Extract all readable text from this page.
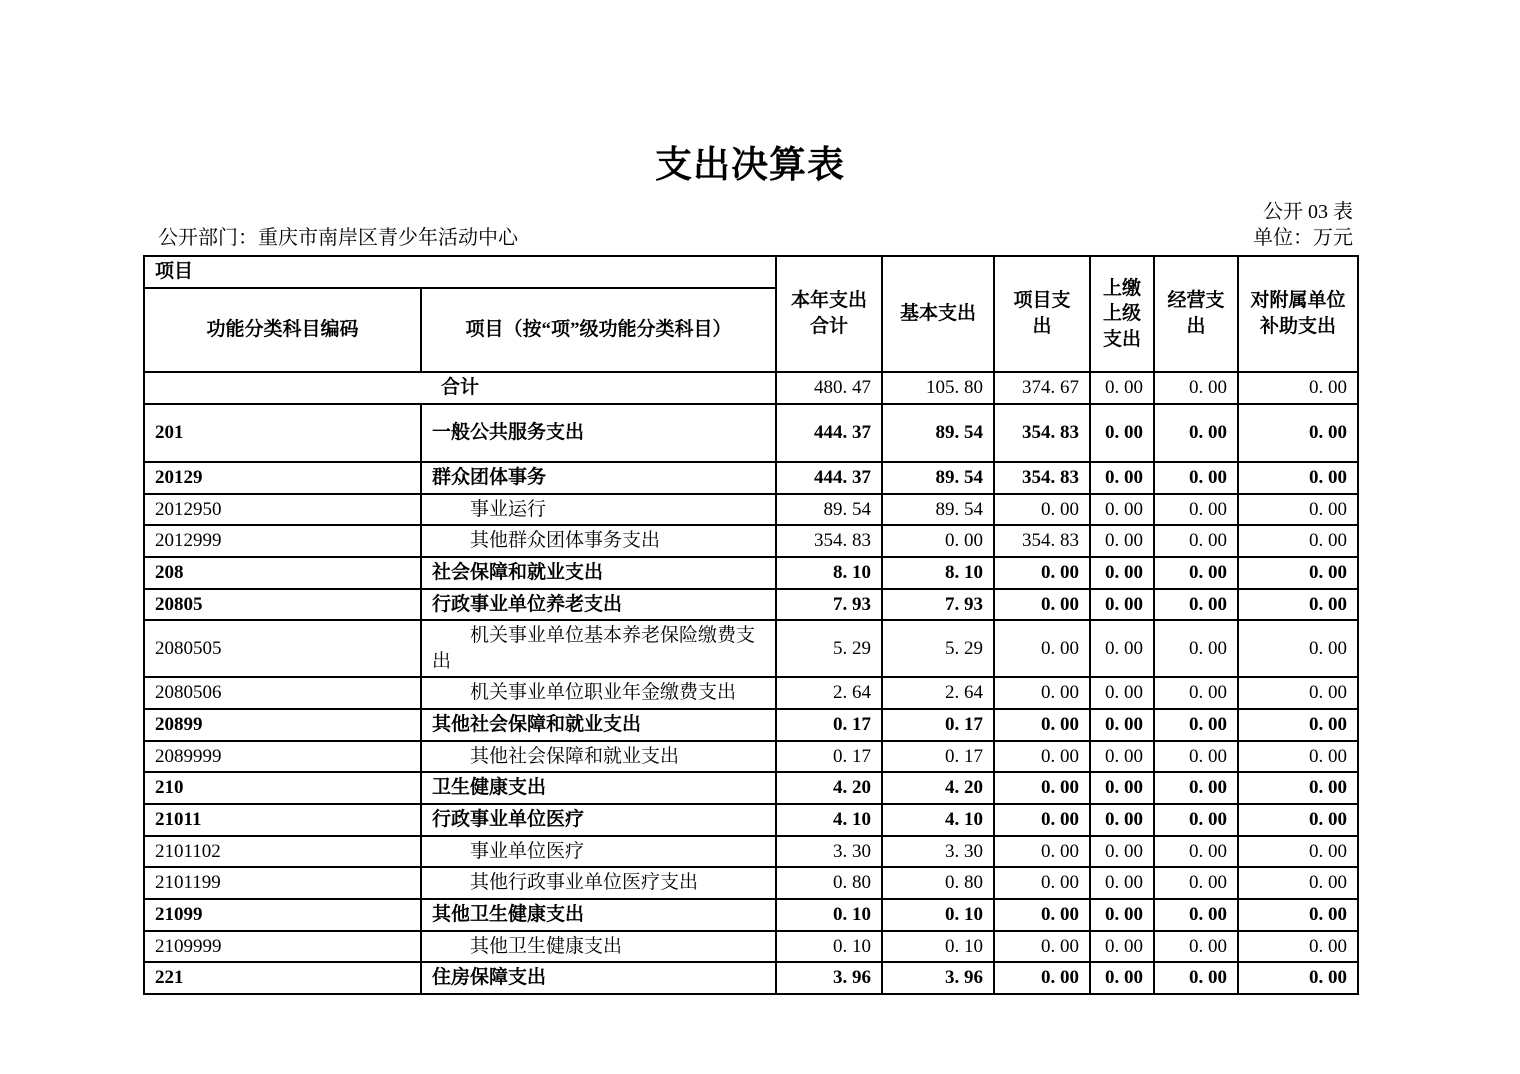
支出决算表
公开 03 表
公开部门：重庆市南岸区青少年活动中心	单位：万元
项目		本年支出合计	基本支出	项目支出	上缴上级支出	经营支出	对附属单位补助支出
功能分类科目编码	项目（按“项”级功能分类科目）						
合计		480. 47	105. 80	374. 67	0. 00	0. 00	0. 00
201	一般公共服务支出	444. 37	89. 54	354. 83	0. 00	0. 00	0. 00
20129	群众团体事务	444. 37	89. 54	354. 83	0. 00	0. 00	0. 00
2012950	事业运行	89. 54	89. 54	0. 00	0. 00	0. 00	0. 00
2012999	其他群众团体事务支出	354. 83	0. 00	354. 83	0. 00	0. 00	0. 00
208	社会保障和就业支出	8. 10	8. 10	0. 00	0. 00	0. 00	0. 00
20805	行政事业单位养老支出	7. 93	7. 93	0. 00	0. 00	0. 00	0. 00
2080505	机关事业单位基本养老保险缴费支出	5. 29	5. 29	0. 00	0. 00	0. 00	0. 00
2080506	机关事业单位职业年金缴费支出	2. 64	2. 64	0. 00	0. 00	0. 00	0. 00
20899	其他社会保障和就业支出	0. 17	0. 17	0. 00	0. 00	0. 00	0. 00
2089999	其他社会保障和就业支出	0. 17	0. 17	0. 00	0. 00	0. 00	0. 00
210	卫生健康支出	4. 20	4. 20	0. 00	0. 00	0. 00	0. 00
21011	行政事业单位医疗	4. 10	4. 10	0. 00	0. 00	0. 00	0. 00
2101102	事业单位医疗	3. 30	3. 30	0. 00	0. 00	0. 00	0. 00
2101199	其他行政事业单位医疗支出	0. 80	0. 80	0. 00	0. 00	0. 00	0. 00
21099	其他卫生健康支出	0. 10	0. 10	0. 00	0. 00	0. 00	0. 00
2109999	其他卫生健康支出	0. 10	0. 10	0. 00	0. 00	0. 00	0. 00
221	住房保障支出	3. 96	3. 96	0. 00	0. 00	0. 00	0. 00
